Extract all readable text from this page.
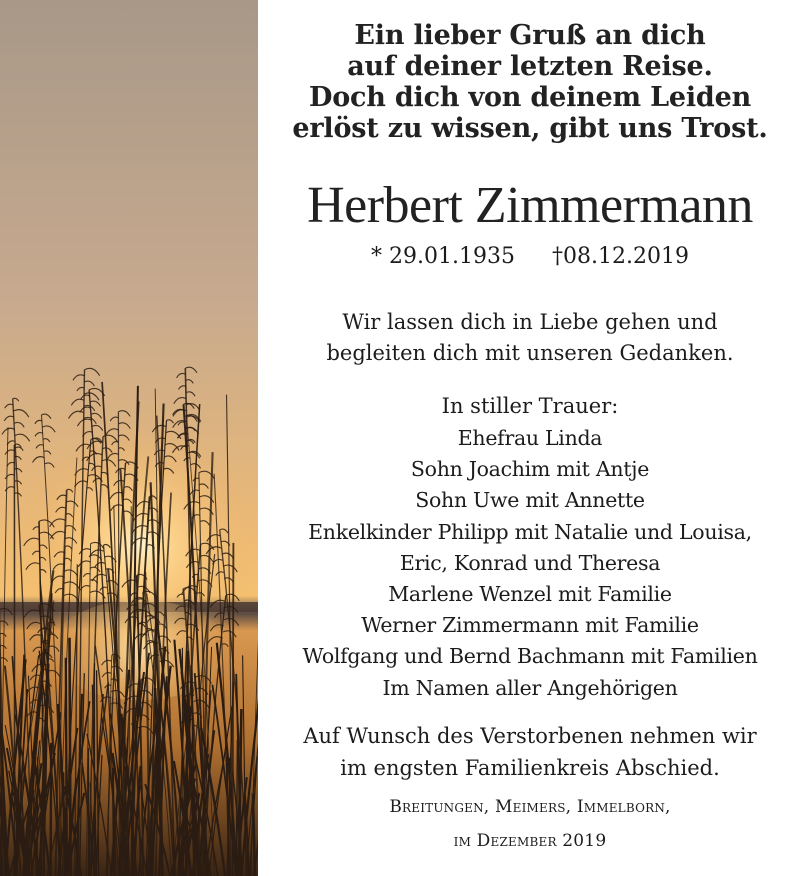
Ein lieber Gruß an dich
auf deiner letzten Reise.
Doch dich von deinem Leiden
erlöst zu wissen, gibt uns Trost.
Herbert Zimmermann
* 29.01.1935 †08.12.2019
Wir lassen dich in Liebe gehen und
begleiten dich mit unseren Gedanken.
In stiller Trauer:
Ehefrau Linda
Sohn Joachim mit Antje
Sohn Uwe mit Annette
Enkelkinder Philipp mit Natalie und Louisa,
Eric, Konrad und Theresa
Marlene Wenzel mit Familie
Werner Zimmermann mit Familie
Wolfgang und Bernd Bachmann mit Familien
Im Namen aller Angehörigen
Auf Wunsch des Verstorbenen nehmen wir
im engsten Familienkreis Abschied.
Breitungen, Meimers, Immelborn,
im Dezember 2019
